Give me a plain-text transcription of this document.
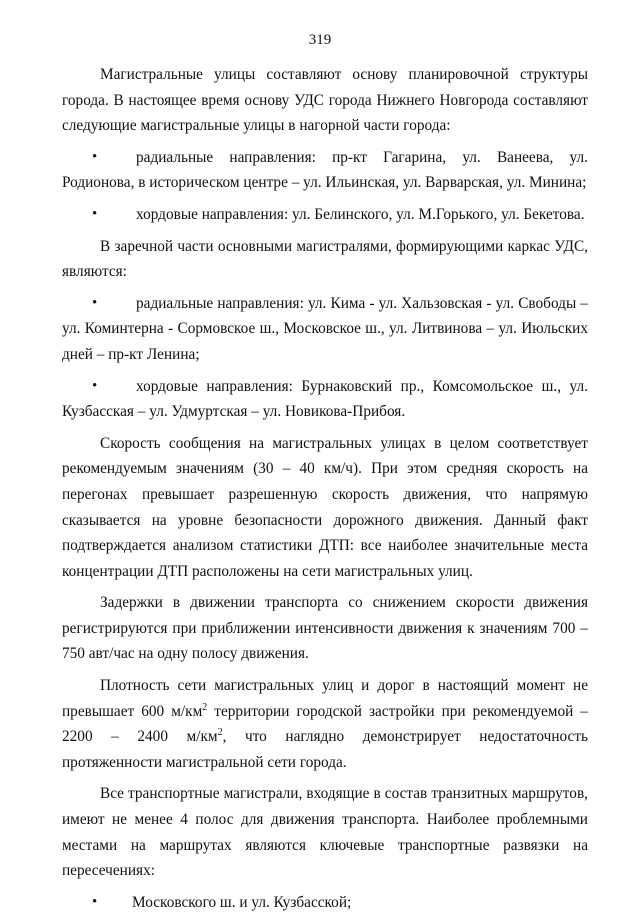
319

Магистральные улицы составляют основу планировочной структуры города. В настоящее время основу УДС города Нижнего Новгорода составляют следующие магистральные улицы в нагорной части города:

•	радиальные направления: пр-кт Гагарина, ул. Ванеева, ул. Родионова, в историческом центре – ул. Ильинская, ул. Варварская, ул. Минина;

•	хордовые направления: ул. Белинского, ул. М.Горького, ул. Бекетова.

В заречной части основными магистралями, формирующими каркас УДС, являются:

•	радиальные направления: ул. Кима - ул. Хальзовская - ул. Свободы – ул. Коминтерна - Сормовское ш., Московское ш., ул. Литвинова – ул. Июльских дней – пр-кт Ленина;

•	хордовые направления: Бурнаковский пр., Комсомольское ш., ул. Кузбасская – ул. Удмуртская – ул. Новикова-Прибоя.

Скорость сообщения на магистральных улицах в целом соответствует рекомендуемым значениям (30 – 40 км/ч). При этом средняя скорость на перегонах превышает разрешенную скорость движения, что напрямую сказывается на уровне безопасности дорожного движения. Данный факт подтверждается анализом статистики ДТП: все наиболее значительные места концентрации ДТП расположены на сети магистральных улиц.

Задержки в движении транспорта со снижением скорости движения регистрируются при приближении интенсивности движения к значениям 700 – 750 авт/час на одну полосу движения.

Плотность сети магистральных улиц и дорог в настоящий момент не превышает 600 $м/км^2$ территории городской застройки при рекомендуемой – 2200 – 2400 $м/км^2$, что наглядно демонстрирует недостаточность протяженности магистральной сети города.

Все транспортные магистрали, входящие в состав транзитных маршрутов, имеют не менее 4 полос для движения транспорта. Наиболее проблемными местами на маршрутах являются ключевые транспортные развязки на пересечениях:

• Московского ш. и ул. Кузбасской;
